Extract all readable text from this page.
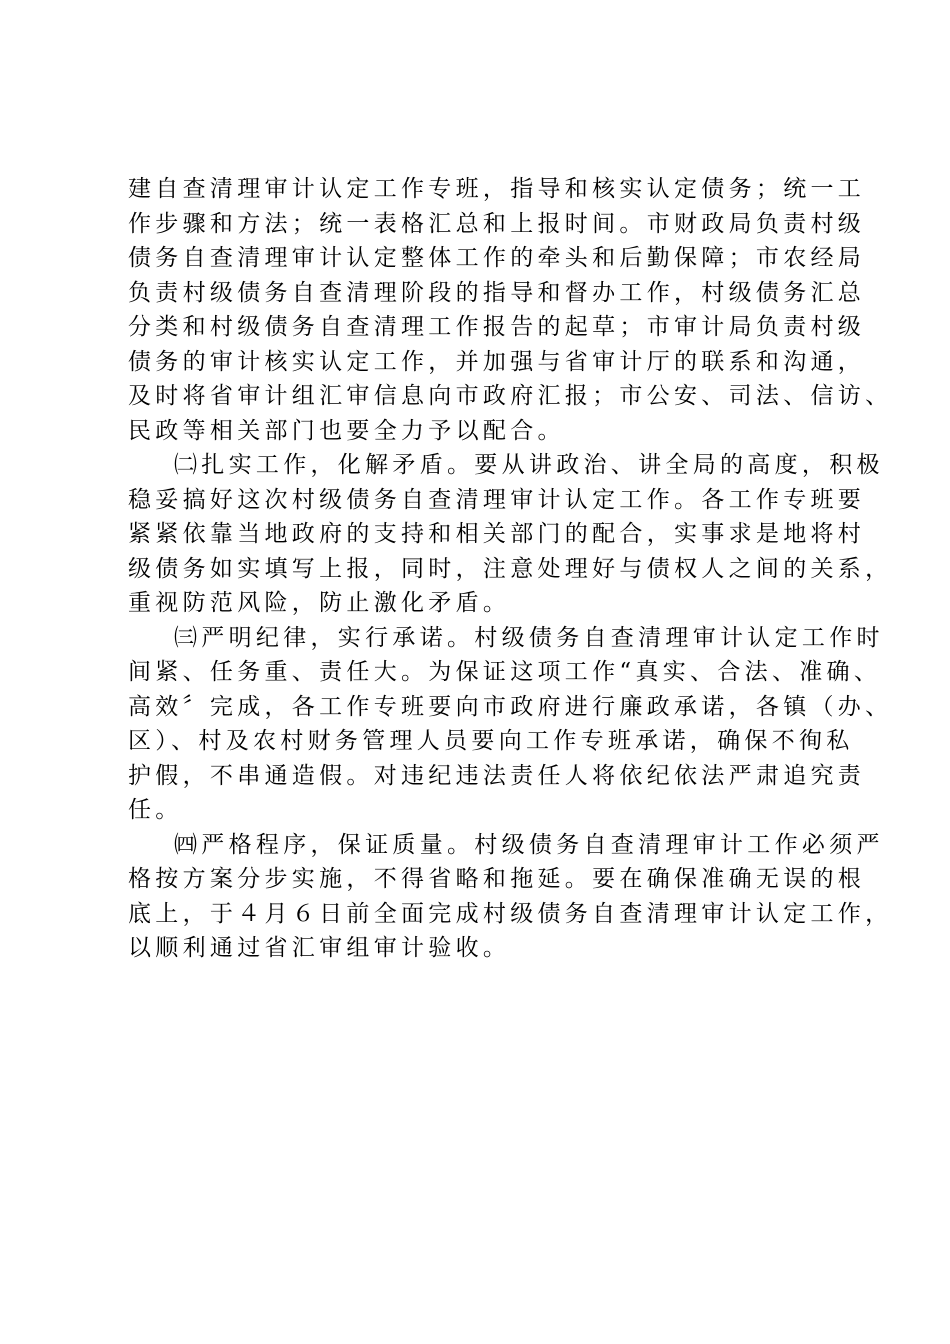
建自查清理审计认定工作专班，指导和核实认定债务；统一工
作步骤和方法；统一表格汇总和上报时间。市财政局负责村级
债务自查清理审计认定整体工作的牵头和后勤保障；市农经局
负责村级债务自查清理阶段的指导和督办工作，村级债务汇总
分类和村级债务自查清理工作报告的起草；市审计局负责村级
债务的审计核实认定工作，并加强与省审计厅的联系和沟通，
及时将省审计组汇审信息向市政府汇报；市公安、司法、信访、
民政等相关部门也要全力予以配合。
㈡扎实工作，化解矛盾。要从讲政治、讲全局的高度，积极
稳妥搞好这次村级债务自查清理审计认定工作。各工作专班要
紧紧依靠当地政府的支持和相关部门的配合，实事求是地将村
级债务如实填写上报，同时，注意处理好与债权人之间的关系，
重视防范风险，防止激化矛盾。
㈢严明纪律，实行承诺。村级债务自查清理审计认定工作时
间紧、任务重、责任大。为保证这项工作“真实、合法、准确、
高效〞完成，各工作专班要向市政府进行廉政承诺，各镇（办、
区）、村及农村财务管理人员要向工作专班承诺，确保不徇私
护假，不串通造假。对违纪违法责任人将依纪依法严肃追究责
任。
㈣严格程序，保证质量。村级债务自查清理审计工作必须严
格按方案分步实施，不得省略和拖延。要在确保准确无误的根
底上，于４月６日前全面完成村级债务自查清理审计认定工作，
以顺利通过省汇审组审计验收。
